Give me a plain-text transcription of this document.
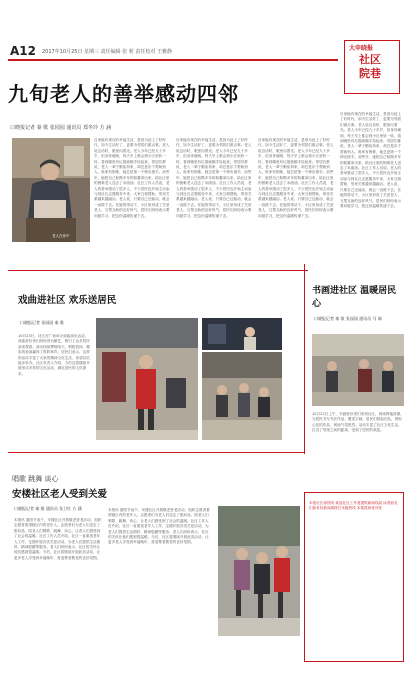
A12 2017年10月25日 星期三 责任编辑 张 莉 责任校对 王雅静	大申晓报
社区院巷
九旬老人的善举感动四邻
口晓报记者 秦 歌 张园园 通讯员 郑冬玲 方 涵
老人在家中
自家能有现在的幸福生活，是因为赶上了好时代，如今生活好了，更要为邻居们做点事。老人说这话时，眼里闪着光。老人今年已经九十多岁，但身体硬朗，每天早上都会到小区里转一转，看到哪里有垃圾就顺手捡起来。邻居们都说，老人一辈子勤俭持家，却总是乐于帮助别人。谁家有困难，她总是第一个伸出援手。前些年，她把自己积攒多年的积蓄拿出来，给社区里的困难老人送去了米面油。社区工作人员说，老人的善举感动了很多人，不少居民也开始主动参与到社区志愿服务中来，大家互相帮助，邻里关系越来越融洽。老人说，只要自己还能动，就会一直做下去。在她的带动下，小区里形成了关爱老人、互帮互助的良好风气，居民们纷纷表示要向她学习，把这份温暖传递下去。
自家能有现在的幸福生活，是因为赶上了好时代，如今生活好了，更要为邻居们做点事。老人说这话时，眼里闪着光。老人今年已经九十多岁，但身体硬朗，每天早上都会到小区里转一转，看到哪里有垃圾就顺手捡起来。邻居们都说，老人一辈子勤俭持家，却总是乐于帮助别人。谁家有困难，她总是第一个伸出援手。前些年，她把自己积攒多年的积蓄拿出来，给社区里的困难老人送去了米面油。社区工作人员说，老人的善举感动了很多人，不少居民也开始主动参与到社区志愿服务中来，大家互相帮助，邻里关系越来越融洽。老人说，只要自己还能动，就会一直做下去。在她的带动下，小区里形成了关爱老人、互帮互助的良好风气，居民们纷纷表示要向她学习，把这份温暖传递下去。
自家能有现在的幸福生活，是因为赶上了好时代，如今生活好了，更要为邻居们做点事。老人说这话时，眼里闪着光。老人今年已经九十多岁，但身体硬朗，每天早上都会到小区里转一转，看到哪里有垃圾就顺手捡起来。邻居们都说，老人一辈子勤俭持家，却总是乐于帮助别人。谁家有困难，她总是第一个伸出援手。前些年，她把自己积攒多年的积蓄拿出来，给社区里的困难老人送去了米面油。社区工作人员说，老人的善举感动了很多人，不少居民也开始主动参与到社区志愿服务中来，大家互相帮助，邻里关系越来越融洽。老人说，只要自己还能动，就会一直做下去。在她的带动下，小区里形成了关爱老人、互帮互助的良好风气，居民们纷纷表示要向她学习，把这份温暖传递下去。
自家能有现在的幸福生活，是因为赶上了好时代，如今生活好了，更要为邻居们做点事。老人说这话时，眼里闪着光。老人今年已经九十多岁，但身体硬朗，每天早上都会到小区里转一转，看到哪里有垃圾就顺手捡起来。邻居们都说，老人一辈子勤俭持家，却总是乐于帮助别人。谁家有困难，她总是第一个伸出援手。前些年，她把自己积攒多年的积蓄拿出来，给社区里的困难老人送去了米面油。社区工作人员说，老人的善举感动了很多人，不少居民也开始主动参与到社区志愿服务中来，大家互相帮助，邻里关系越来越融洽。老人说，只要自己还能动，就会一直做下去。在她的带动下，小区里形成了关爱老人、互帮互助的良好风气，居民们纷纷表示要向她学习，把这份温暖传递下去。
戏曲进社区 欢乐送居民
口晓报记者 张园园 秦 歌
10月23日，社区在广场举办戏曲演出活动，戏曲爱好者们纷纷登台献艺，吸引了众多居民前来观看。演出现场锣鼓喧天，唱腔悠扬，精彩的表演赢得了阵阵掌声。居民们表示，这样的活动丰富了大家的精神文化生活，希望以后能多举办。社区负责人介绍，今后还将继续开展形式多样的文化活动，满足居民的文化需求。
书画进社区 温暖居民心
口晓报记者 秦 歌 张园园 通讯员 马 瑞
10月22日上午，书画爱好者们来到社区，现场挥毫泼墨，为居民书写书法作品，赠送字画。居民们排起长队，领取心仪的作品，现场气氛热烈。活动丰富了社区文化生活，拉近了邻里之间的距离，受到了居民的欢迎。
唱歌 跳舞 谈心
安楼社区老人受到关爱
口晓报记者 秦 歌 通讯员 张卫红 方 涵
本报讯 重阳节前夕，安楼社区开展敬老爱老活动，组织志愿者看望辖区内的老年人。志愿者们为老人们送去了慰问品，陪老人们唱歌、跳舞、谈心，让老人们感受到了社会的温暖。社区工作人员介绍，社区一直重视老年人工作，定期开展各类关爱活动，为老人们提供生活照料、精神慰藉等服务。老人们纷纷表示，社区的关怀让他们感到很温暖。今后，社区将继续开展此类活动，让更多老人享受到幸福晚年，营造尊老敬老的良好氛围。
本报讯 重阳节前夕，安楼社区开展敬老爱老活动，组织志愿者看望辖区内的老年人。志愿者们为老人们送去了慰问品，陪老人们唱歌、跳舞、谈心，让老人们感受到了社会的温暖。社区工作人员介绍，社区一直重视老年人工作，定期开展各类关爱活动，为老人们提供生活照料、精神慰藉等服务。老人们纷纷表示，社区的关怀让他们感到很温暖。今后，社区将继续开展此类活动，让更多老人享受到幸福晚年，营造尊老敬老的良好氛围。
本报社区部热线 欢迎社区工作者提供新闻线索 读者朋友们如有好新闻请拨打本版热线 本报将择优刊发
